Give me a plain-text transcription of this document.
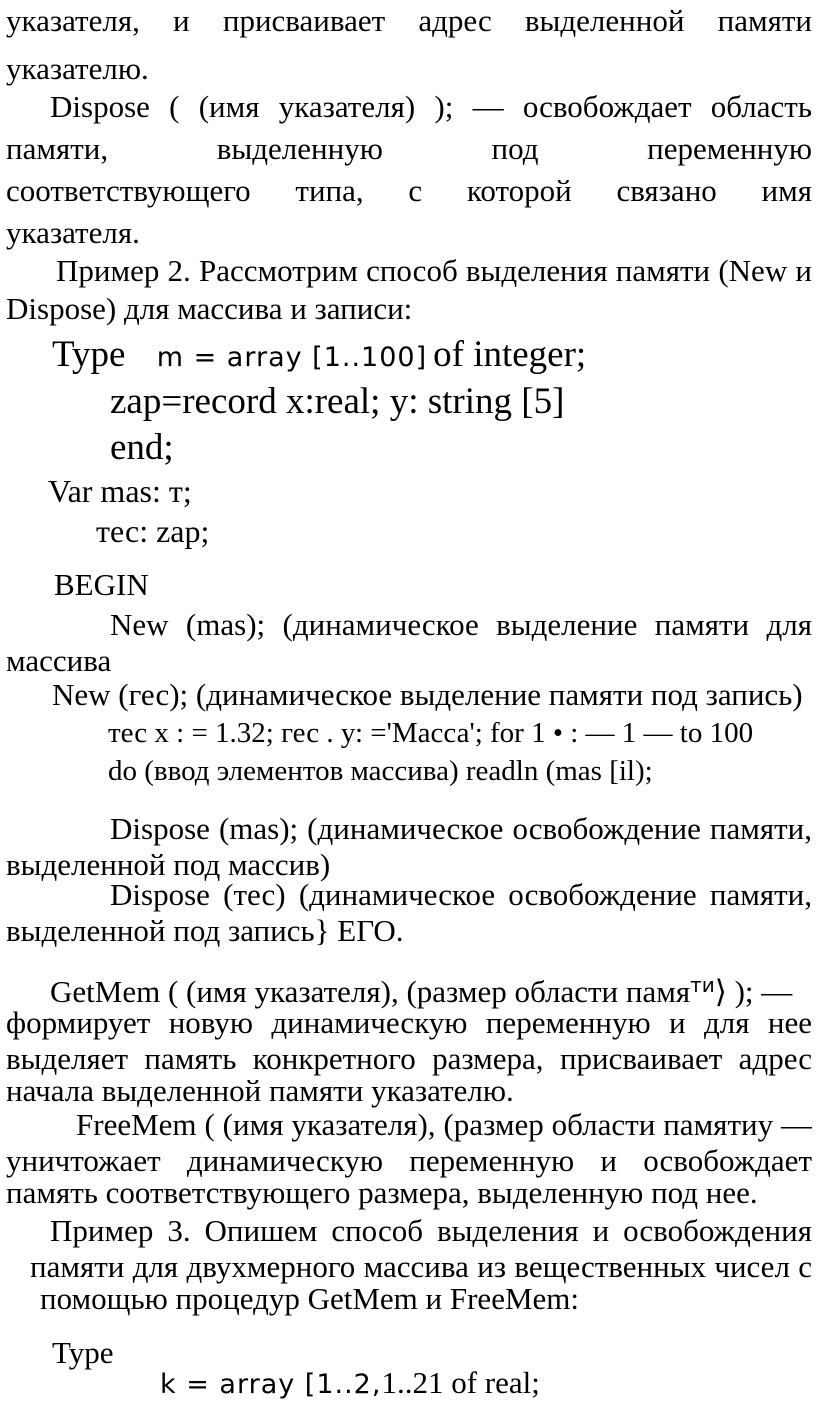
указателя, и присваивает адрес выделенной памяти
указателю.
Dispose ( (имя указателя) ); — освобождает область
памяти, выделенную под переменную
соответствующего типа, с которой связано имя
указателя.
Пример 2. Рассмотрим способ выделения памяти (New и
Dispose) для массива и записи:
Type m = array [1..100] of integer;
zap=record x:real; y: string [5]
end;
Var mas: т;
тес: zap;
BEGIN
New (mas); (динамическое выделение памяти для
массива
New (гес); (динамическое выделение памяти под запись)
тес x : = 1.32; гес . у: ='Масса'; for 1 • : — 1 — to 100
do (ввод элементов массива) readln (mas [il);
Dispose (mas); (динамическое освобождение памяти,
выделенной под массив)
Dispose (тес) (динамическое освобождение памяти,
выделенной под запись} ЕГО.
GetMem ( (имя указателя), (размер области памя$^{ти}$⟩ ); —
формирует новую динамическую переменную и для нее
выделяет память конкретного размера, присваивает адрес
начала выделенной памяти указателю.
FreeMem ( (имя указателя), (размер области памятиу —
уничтожает динамическую переменную и освобождает
память соответствующего размера, выделенную под нее.
Пример 3. Опишем способ выделения и освобождения
памяти для двухмерного массива из вещественных чисел с
помощью процедур GetMem и FreeMem:
Type
k = array [1..2,1..21 of real;
